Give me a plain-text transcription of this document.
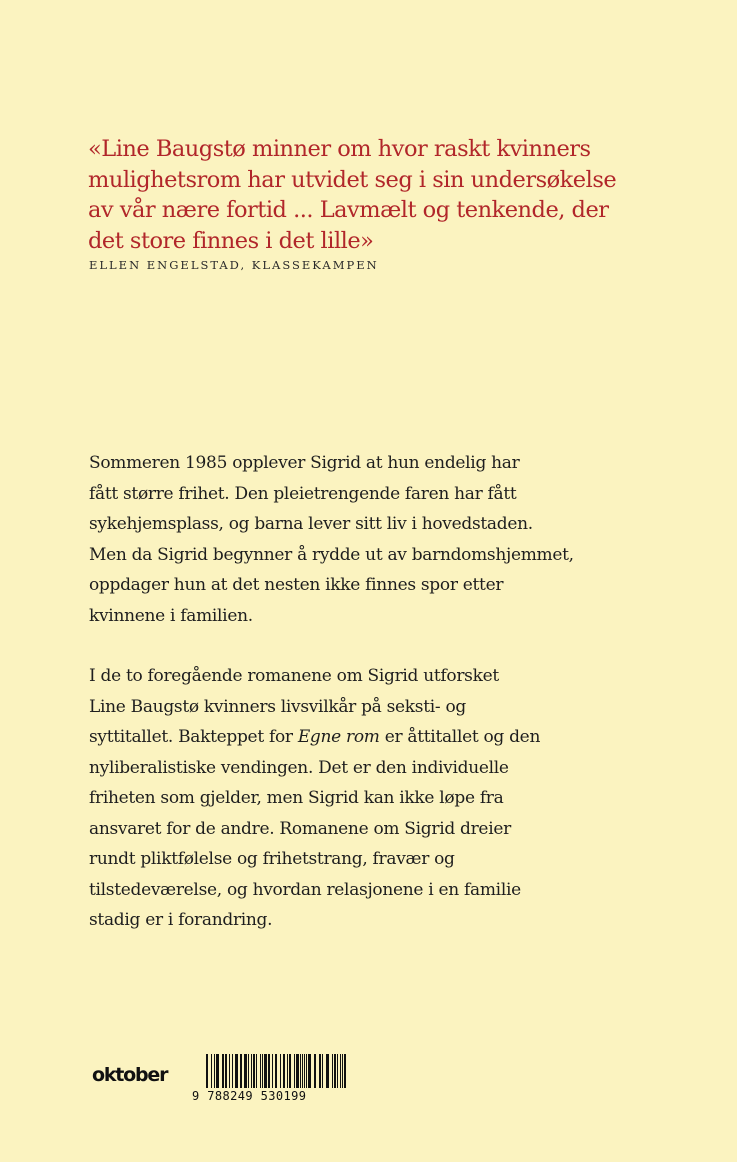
«Line Baugstø minner om hvor raskt kvinners
mulighetsrom har utvidet seg i sin undersøkelse
av vår nære fortid ... Lavmælt og tenkende, der
det store finnes i det lille»
ELLEN ENGELSTAD, KLASSEKAMPEN
Sommeren 1985 opplever Sigrid at hun endelig har
fått større frihet. Den pleietrengende faren har fått
sykehjemsplass, og barna lever sitt liv i hovedstaden.
Men da Sigrid begynner å rydde ut av barndomshjemmet,
oppdager hun at det nesten ikke finnes spor etter
kvinnene i familien.
I de to foregående romanene om Sigrid utforsket
Line Baugstø kvinners livsvilkår på seksti- og
syttitallet. Bakteppet for Egne rom er åttitallet og den
nyliberalistiske vendingen. Det er den individuelle
friheten som gjelder, men Sigrid kan ikke løpe fra
ansvaret for de andre. Romanene om Sigrid dreier
rundt pliktfølelse og frihetstrang, fravær og
tilstedeværelse, og hvordan relasjonene i en familie
stadig er i forandring.
oktober
9 788249 530199
